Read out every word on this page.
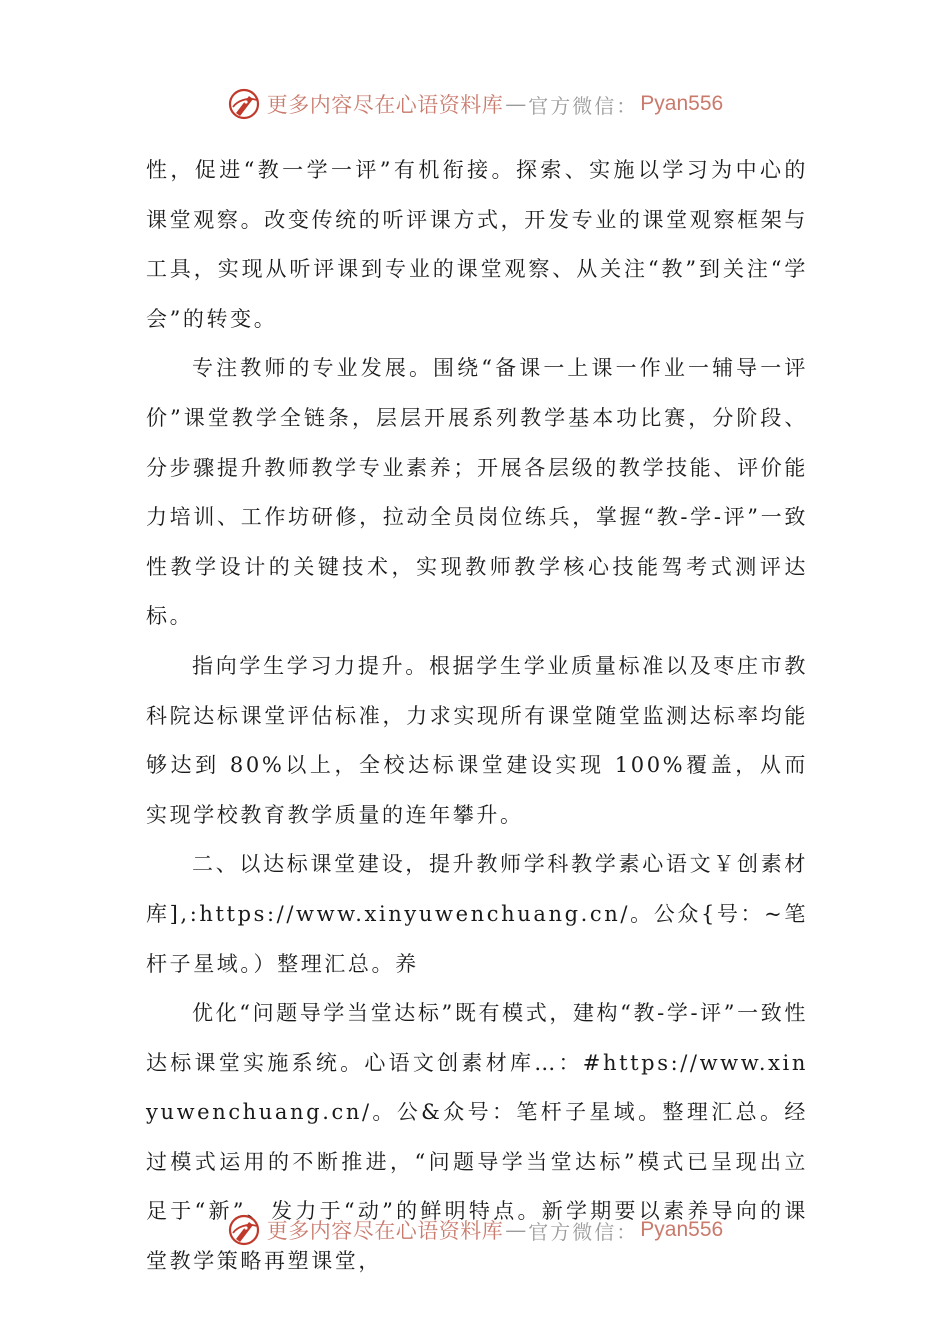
更多内容尽在心语资料库 — 官方微信： Pyan556

性，促进“教一学一评”有机衔接。探索、实施以学习为中心的课堂观察。改变传统的听评课方式，开发专业的课堂观察框架与工具，实现从听评课到专业的课堂观察、从关注“教”到关注“学会”的转变。

专注教师的专业发展。围绕“备课一上课一作业一辅导一评价”课堂教学全链条，层层开展系列教学基本功比赛，分阶段、分步骤提升教师教学专业素养；开展各层级的教学技能、评价能力培训、工作坊研修，拉动全员岗位练兵，掌握“教-学-评”一致性教学设计的关键技术，实现教师教学核心技能驾考式测评达标。

指向学生学习力提升。根据学生学业质量标准以及枣庄市教科院达标课堂评估标准，力求实现所有课堂随堂监测达标率均能够达到 80%以上，全校达标课堂建设实现 100%覆盖，从而实现学校教育教学质量的连年攀升。

二、以达标课堂建设，提升教师学科教学素心语文￥创素材库],:https://www.xinyuwenchuang.cn/。公众{号：~笔杆子星域。）整理汇总。养

优化“问题导学当堂达标”既有模式，建构“教-学-评”一致性达标课堂实施系统。心语文创素材库…：#https://www.xinyuwenchuang.cn/。公&众号：笔杆子星域。整理汇总。经过模式运用的不断推进，“问题导学当堂达标”模式已呈现出立足于“新”、发力于“动”的鲜明特点。新学期要以素养导向的课堂教学策略再塑课堂，

更多内容尽在心语资料库 — 官方微信： Pyan556
